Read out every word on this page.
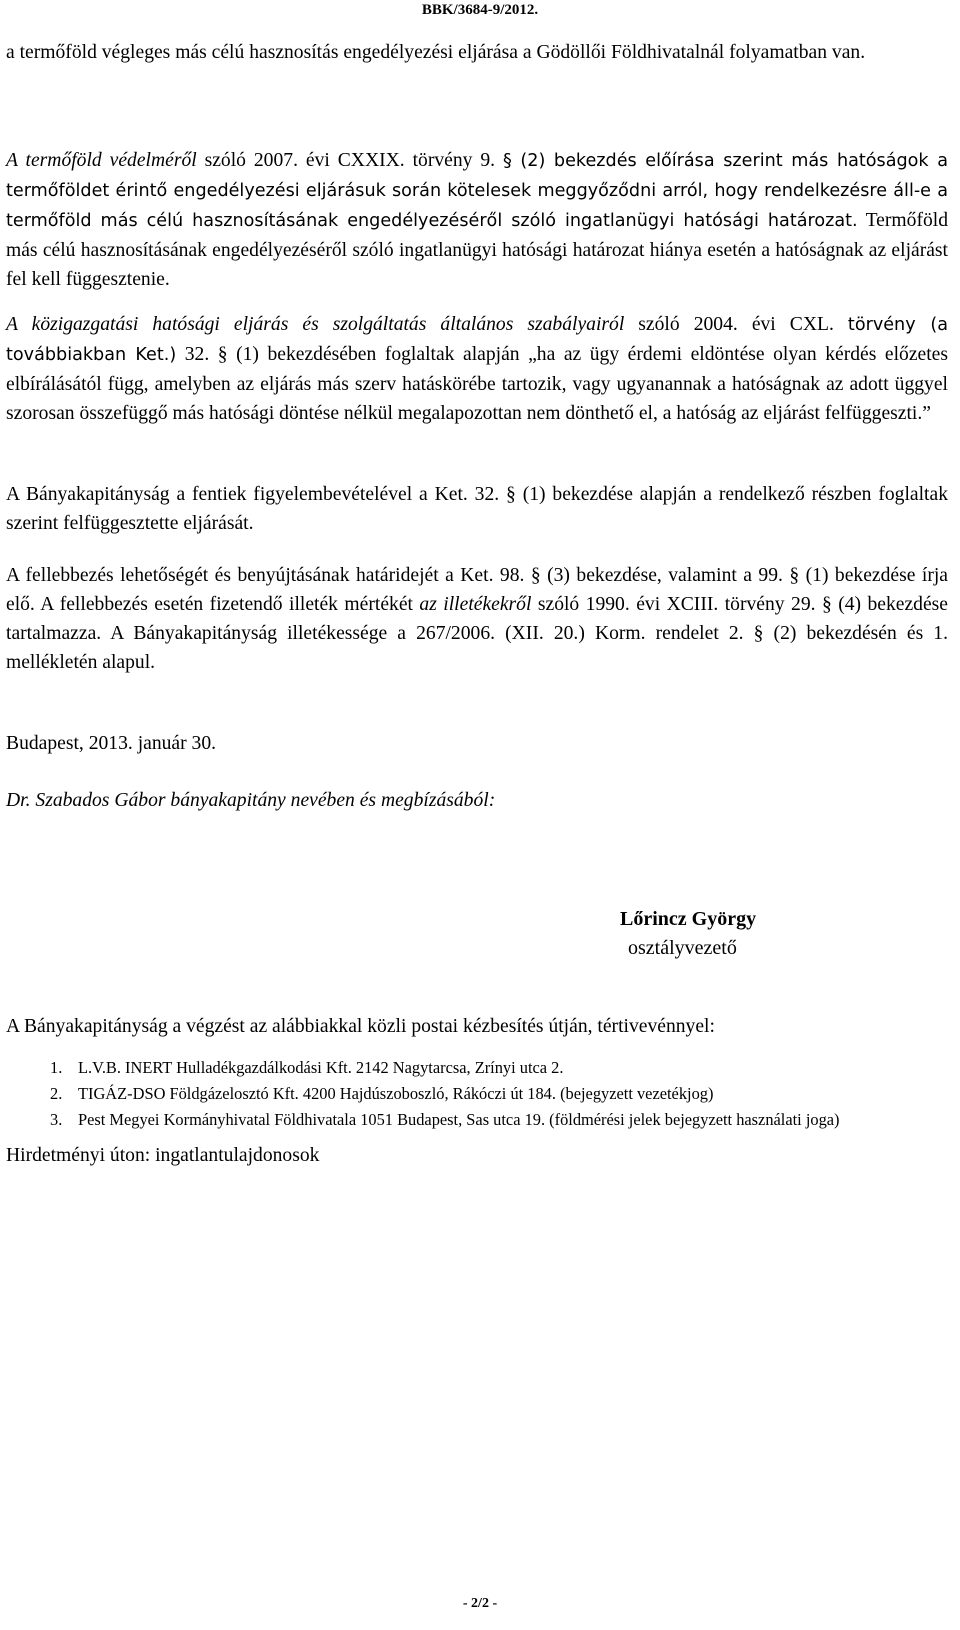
BBK/3684-9/2012.

a termőföld végleges más célú hasznosítás engedélyezési eljárása a Gödöllői Földhivatalnál folyamatban van.

A termőföld védelméről szóló 2007. évi CXXIX. törvény 9. § (2) bekezdés előírása szerint más hatóságok a termőföldet érintő engedélyezési eljárásuk során kötelesek meggyőződni arról, hogy rendelkezésre áll-e a termőföld más célú hasznosításának engedélyezéséről szóló ingatlanügyi hatósági határozat. Termőföld más célú hasznosításának engedélyezéséről szóló ingatlanügyi hatósági határozat hiánya esetén a hatóságnak az eljárást fel kell függesztenie.

A közigazgatási hatósági eljárás és szolgáltatás általános szabályairól szóló 2004. évi CXL. törvény (a továbbiakban Ket.) 32. § (1) bekezdésében foglaltak alapján „ha az ügy érdemi eldöntése olyan kérdés előzetes elbírálásától függ, amelyben az eljárás más szerv hatáskörébe tartozik, vagy ugyanannak a hatóságnak az adott üggyel szorosan összefüggő más hatósági döntése nélkül megalapozottan nem dönthető el, a hatóság az eljárást felfüggeszti.”

A Bányakapitányság a fentiek figyelembevételével a Ket. 32. § (1) bekezdése alapján a rendelkező részben foglaltak szerint felfüggesztette eljárását.

A fellebbezés lehetőségét és benyújtásának határidejét a Ket. 98. § (3) bekezdése, valamint a 99. § (1) bekezdése írja elő. A fellebbezés esetén fizetendő illeték mértékét az illetékekről szóló 1990. évi XCIII. törvény 29. § (4) bekezdése tartalmazza. A Bányakapitányság illetékessége a 267/2006. (XII. 20.) Korm. rendelet 2. § (2) bekezdésén és 1. mellékletén alapul.

Budapest, 2013. január 30.

Dr. Szabados Gábor bányakapitány nevében és megbízásából:

Lőrincz György
osztályvezető

A Bányakapitányság a végzést az alábbiakkal közli postai kézbesítés útján, tértivevénnyel:

1. L.V.B. INERT Hulladékgazdálkodási Kft. 2142 Nagytarcsa, Zrínyi utca 2.
2. TIGÁZ-DSO Földgázelosztó Kft. 4200 Hajdúszoboszló, Rákóczi út 184. (bejegyzett vezetékjog)
3. Pest Megyei Kormányhivatal Földhivatala 1051 Budapest, Sas utca 19. (földmérési jelek bejegyzett használati joga)

Hirdetményi úton: ingatlantulajdonosok

- 2/2 -
